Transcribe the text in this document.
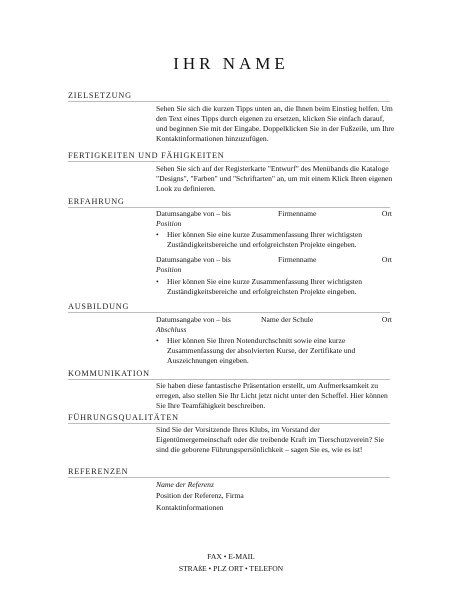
IHR NAME
ZIELSETZUNG
Sehen Sie sich die kurzen Tipps unten an, die Ihnen beim Einstieg helfen. Um den Text eines Tipps durch eigenen zu ersetzen, klicken Sie einfach darauf, und beginnen Sie mit der Eingabe. Doppelklicken Sie in der Fußzeile, um Ihre Kontaktinformationen hinzuzufügen.
FERTIGKEITEN UND FÄHIGKEITEN
Sehen Sie sich auf der Registerkarte "Entwurf" des Menübands die Kataloge "Designs", "Farben" und "Schriftarten" an, um mit einem Klick Ihren eigenen Look zu definieren.
ERFAHRUNG
Datumsangabe von – bis	Firmenname	Ort
Position
• Hier können Sie eine kurze Zusammenfassung Ihrer wichtigsten Zuständigkeitsbereiche und erfolgreichsten Projekte eingeben.
Datumsangabe von – bis	Firmenname	Ort
Position
• Hier können Sie eine kurze Zusammenfassung Ihrer wichtigsten Zuständigkeitsbereiche und erfolgreichsten Projekte eingeben.
AUSBILDUNG
Datumsangabe von – bis	Name der Schule	Ort
Abschluss
• Hier können Sie Ihren Notendurchschnitt sowie eine kurze Zusammenfassung der absolvierten Kurse, der Zertifikate und Auszeichnungen eingeben.
KOMMUNIKATION
Sie haben diese fantastische Präsentation erstellt, um Aufmerksamkeit zu erregen, also stellen Sie Ihr Licht jetzt nicht unter den Scheffel. Hier können Sie Ihre Teamfähigkeit beschreiben.
FÜHRUNGSQUALITÄTEN
Sind Sie der Vorsitzende Ihres Klubs, im Vorstand der Eigentümergemeinschaft oder die treibende Kraft im Tierschutzverein? Sie sind die geborene Führungspersönlichkeit – sagen Sie es, wie es ist!
REFERENZEN
Name der Referenz
Position der Referenz, Firma
Kontaktinformationen
FAX • E-MAIL
STRAßE • PLZ ORT • TELEFON
